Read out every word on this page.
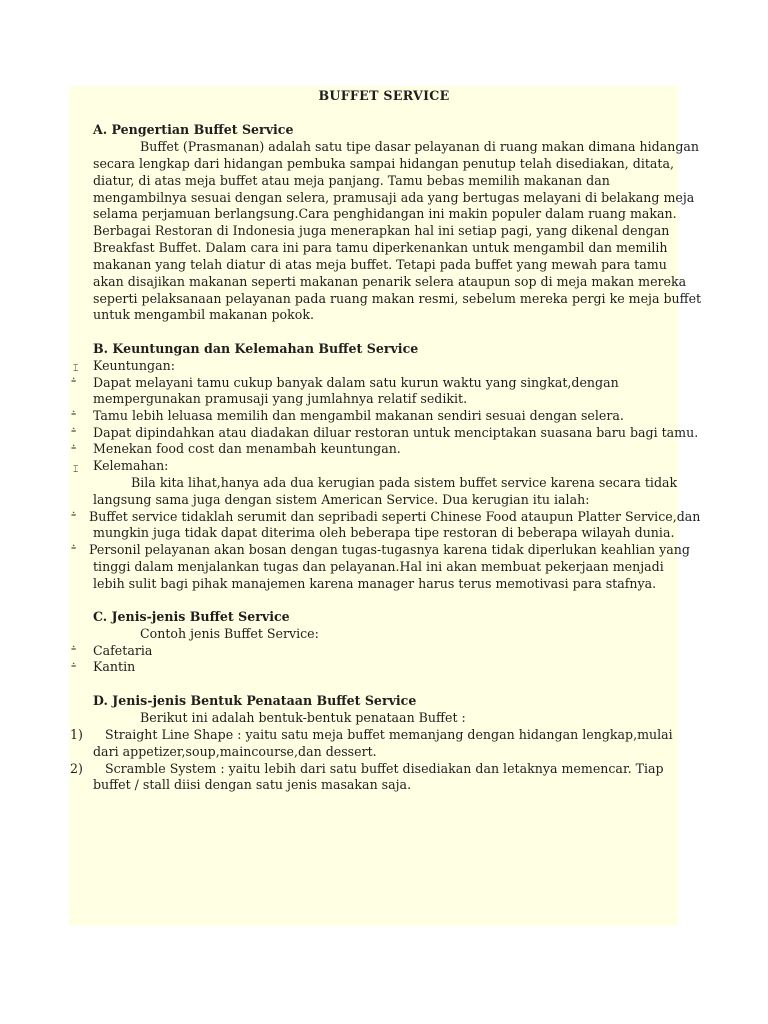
BUFFET SERVICE
A. Pengertian Buffet Service
Buffet (Prasmanan) adalah satu tipe dasar pelayanan di ruang makan dimana hidangan
secara lengkap dari hidangan pembuka sampai hidangan penutup telah disediakan, ditata,
diatur, di atas meja buffet atau meja panjang. Tamu bebas memilih makanan dan
mengambilnya sesuai dengan selera, pramusaji ada yang bertugas melayani di belakang meja
selama perjamuan berlangsung.Cara penghidangan ini makin populer dalam ruang makan.
Berbagai Restoran di Indonesia juga menerapkan hal ini setiap pagi, yang dikenal dengan
Breakfast Buffet. Dalam cara ini para tamu diperkenankan untuk mengambil dan memilih
makanan yang telah diatur di atas meja buffet. Tetapi pada buffet yang mewah para tamu
akan disajikan makanan seperti makanan penarik selera ataupun sop di meja makan mereka
seperti pelaksanaan pelayanan pada ruang makan resmi, sebelum mereka pergi ke meja buffet
untuk mengambil makanan pokok.
B. Keuntungan dan Kelemahan Buffet Service
⌶ Keuntungan:
⩮ Dapat melayani tamu cukup banyak dalam satu kurun waktu yang singkat,dengan
mempergunakan pramusaji yang jumlahnya relatif sedikit.
⩮ Tamu lebih leluasa memilih dan mengambil makanan sendiri sesuai dengan selera.
⩮ Dapat dipindahkan atau diadakan diluar restoran untuk menciptakan suasana baru bagi tamu.
⩮ Menekan food cost dan menambah keuntungan.
⌶ Kelemahan:
Bila kita lihat,hanya ada dua kerugian pada sistem buffet service karena secara tidak
langsung sama juga dengan sistem American Service. Dua kerugian itu ialah:
⩮ Buffet service tidaklah serumit dan sepribadi seperti Chinese Food ataupun Platter Service,dan
mungkin juga tidak dapat diterima oleh beberapa tipe restoran di beberapa wilayah dunia.
⩮ Personil pelayanan akan bosan dengan tugas-tugasnya karena tidak diperlukan keahlian yang
tinggi dalam menjalankan tugas dan pelayanan.Hal ini akan membuat pekerjaan menjadi
lebih sulit bagi pihak manajemen karena manager harus terus memotivasi para stafnya.
C. Jenis-jenis Buffet Service
Contoh jenis Buffet Service:
⩮ Cafetaria
⩮ Kantin
D. Jenis-jenis Bentuk Penataan Buffet Service
Berikut ini adalah bentuk-bentuk penataan Buffet :
1) Straight Line Shape : yaitu satu meja buffet memanjang dengan hidangan lengkap,mulai
dari appetizer,soup,maincourse,dan dessert.
2) Scramble System : yaitu lebih dari satu buffet disediakan dan letaknya memencar. Tiap
buffet / stall diisi dengan satu jenis masakan saja.
